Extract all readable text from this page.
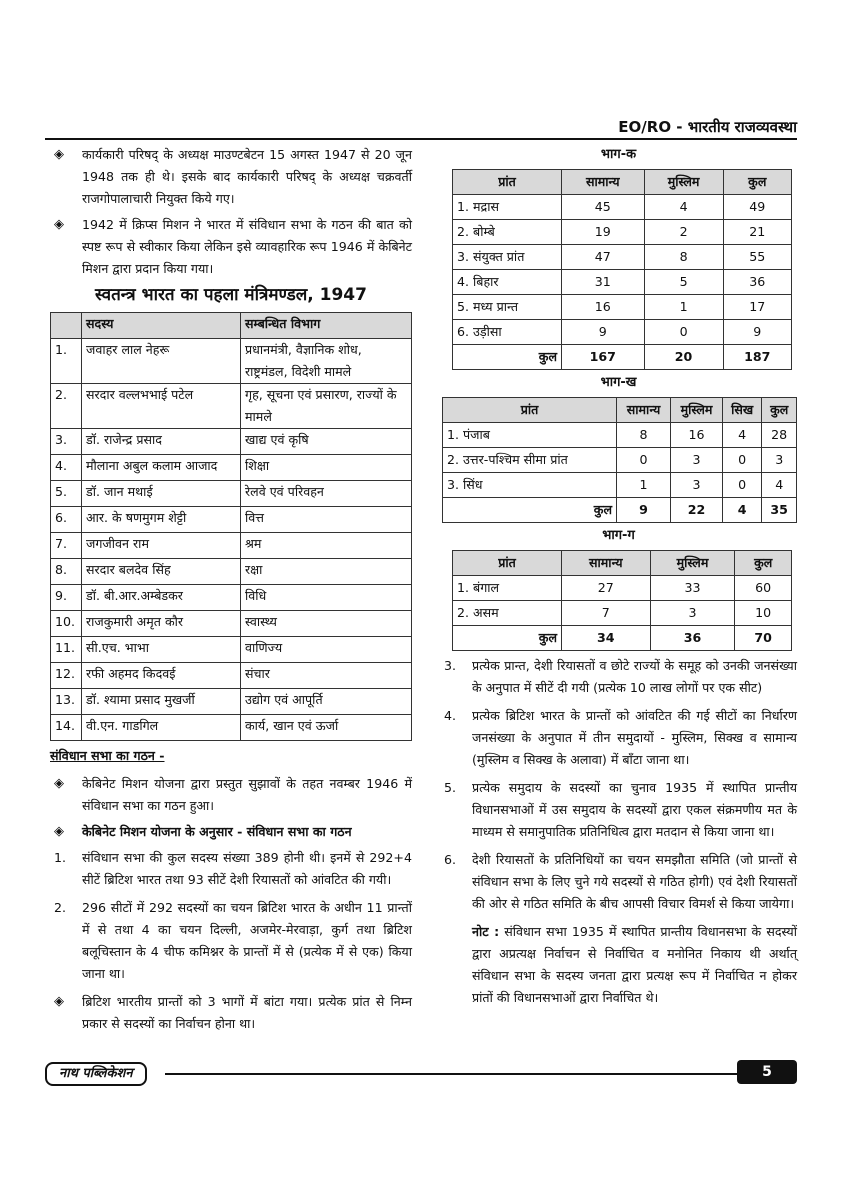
EO/RO - भारतीय राजव्यवस्था
◈ कार्यकारी परिषद् के अध्यक्ष माउण्टबेटन 15 अगस्त 1947 से 20 जून 1948 तक ही थे। इसके बाद कार्यकारी परिषद् के अध्यक्ष चक्रवर्ती राजगोपालाचारी नियुक्त किये गए।
◈ 1942 में क्रिप्स मिशन ने भारत में संविधान सभा के गठन की बात को स्पष्ट रूप से स्वीकार किया लेकिन इसे व्यावहारिक रूप 1946 में केबिनेट मिशन द्वारा प्रदान किया गया।
स्वतन्त्र भारत का पहला मंत्रिमण्डल, 1947
	सदस्य	सम्बन्धित विभाग
1.	जवाहर लाल नेहरू	प्रधानमंत्री, वैज्ञानिक शोध, राष्ट्रमंडल, विदेशी मामले
2.	सरदार वल्लभभाई पटेल	गृह, सूचना एवं प्रसारण, राज्यों के मामले
3.	डॉ. राजेन्द्र प्रसाद	खाद्य एवं कृषि
4.	मौलाना अबुल कलाम आजाद	शिक्षा
5.	डॉ. जान मथाई	रेलवे एवं परिवहन
6.	आर. के षणमुगम शेट्टी	वित्त
7.	जगजीवन राम	श्रम
8.	सरदार बलदेव सिंह	रक्षा
9.	डॉ. बी.आर.अम्बेडकर	विधि
10.	राजकुमारी अमृत कौर	स्वास्थ्य
11.	सी.एच. भाभा	वाणिज्य
12.	रफी अहमद किदवई	संचार
13.	डॉ. श्यामा प्रसाद मुखर्जी	उद्योग एवं आपूर्ति
14.	वी.एन. गाडगिल	कार्य, खान एवं ऊर्जा
संविधान सभा का गठन -
◈ केबिनेट मिशन योजना द्वारा प्रस्तुत सुझावों के तहत नवम्बर 1946 में संविधान सभा का गठन हुआ।
◈ केबिनेट मिशन योजना के अनुसार - संविधान सभा का गठन
1. संविधान सभा की कुल सदस्य संख्या 389 होनी थी। इनमें से 292+4 सीटें ब्रिटिश भारत तथा 93 सीटें देशी रियासतों को आंवटित की गयी।
2. 296 सीटों में 292 सदस्यों का चयन ब्रिटिश भारत के अधीन 11 प्रान्तों में से तथा 4 का चयन दिल्ली, अजमेर-मेरवाड़ा, कुर्ग तथा ब्रिटिश बलूचिस्तान के 4 चीफ कमिश्नर के प्रान्तों में से (प्रत्येक में से एक) किया जाना था।
◈ ब्रिटिश भारतीय प्रान्तों को 3 भागों में बांटा गया। प्रत्येक प्रांत से निम्न प्रकार से सदस्यों का निर्वाचन होना था।
भाग-क
प्रांत	सामान्य	मुस्लिम	कुल
1. मद्रास	45	4	49
2. बोम्बे	19	2	21
3. संयुक्त प्रांत	47	8	55
4. बिहार	31	5	36
5. मध्य प्रान्त	16	1	17
6. उड़ीसा	9	0	9
कुल	167	20	187
भाग-ख
प्रांत	सामान्य	मुस्लिम	सिख	कुल
1. पंजाब	8	16	4	28
2. उत्तर-पश्चिम सीमा प्रांत	0	3	0	3
3. सिंध	1	3	0	4
कुल	9	22	4	35
भाग-ग
प्रांत	सामान्य	मुस्लिम	कुल
1. बंगाल	27	33	60
2. असम	7	3	10
कुल	34	36	70
3. प्रत्येक प्रान्त, देशी रियासतों व छोटे राज्यों के समूह को उनकी जनसंख्या के अनुपात में सीटें दी गयी (प्रत्येक 10 लाख लोगों पर एक सीट)
4. प्रत्येक ब्रिटिश भारत के प्रान्तों को आंवटित की गई सीटों का निर्धारण जनसंख्या के अनुपात में तीन समुदायों - मुस्लिम, सिक्ख व सामान्य (मुस्लिम व सिक्ख के अलावा) में बाँटा जाना था।
5. प्रत्येक समुदाय के सदस्यों का चुनाव 1935 में स्थापित प्रान्तीय विधानसभाओं में उस समुदाय के सदस्यों द्वारा एकल संक्रमणीय मत के माध्यम से समानुपातिक प्रतिनिधित्व द्वारा मतदान से किया जाना था।
6. देशी रियासतों के प्रतिनिधियों का चयन समझौता समिति (जो प्रान्तों से संविधान सभा के लिए चुने गये सदस्यों से गठित होगी) एवं देशी रियासतों की ओर से गठित समिति के बीच आपसी विचार विमर्श से किया जायेगा।
नोट : संविधान सभा 1935 में स्थापित प्रान्तीय विधानसभा के सदस्यों द्वारा अप्रत्यक्ष निर्वाचन से निर्वाचित व मनोनित निकाय थी अर्थात् संविधान सभा के सदस्य जनता द्वारा प्रत्यक्ष रूप में निर्वाचित न होकर प्रांतों की विधानसभाओं द्वारा निर्वाचित थे।
नाथ पब्लिकेशन	5
